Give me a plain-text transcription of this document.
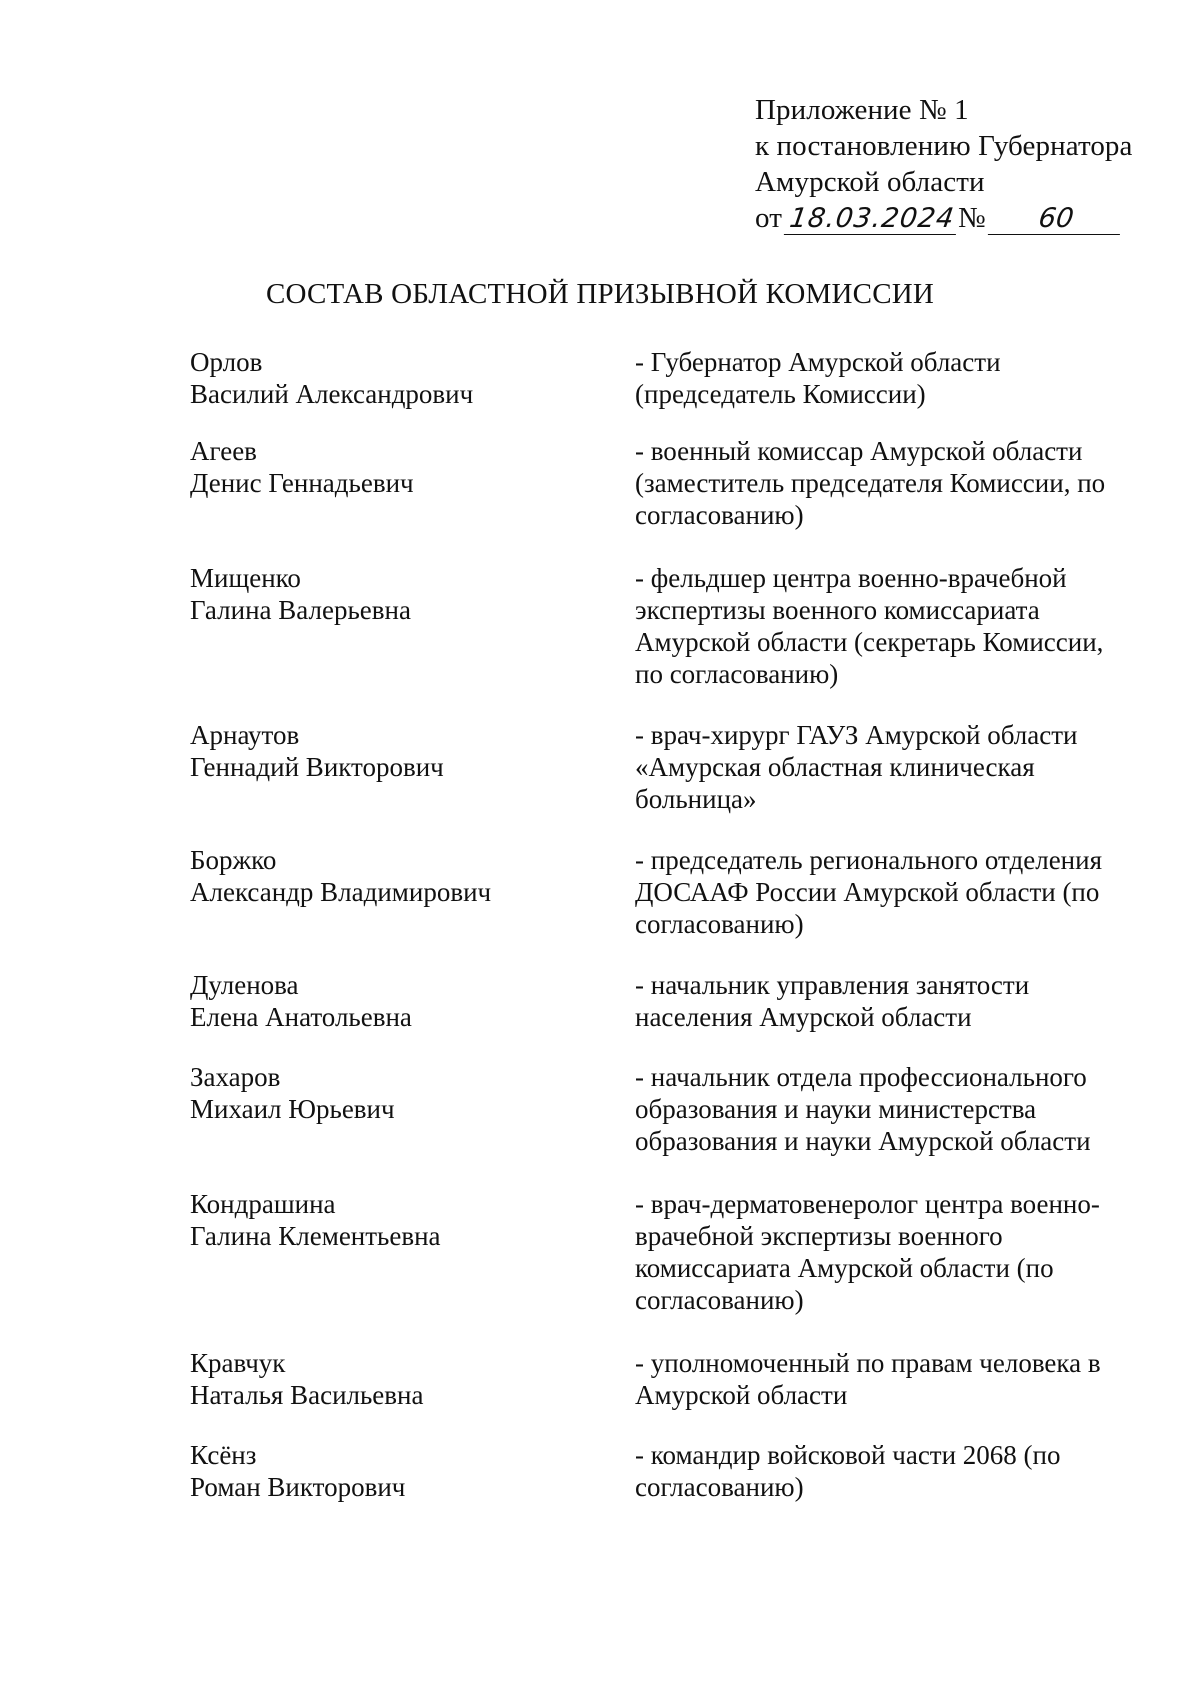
Приложение № 1
к постановлению Губернатора
Амурской области
от 18.03.2024 №	60
СОСТАВ ОБЛАСТНОЙ ПРИЗЫВНОЙ КОМИССИИ
Орлов
Василий Александрович
- Губернатор Амурской области
(председатель Комиссии)
Агеев
Денис Геннадьевич
- военный комиссар Амурской области
(заместитель председателя Комиссии, по
согласованию)
Мищенко
Галина Валерьевна
- фельдшер центра военно-врачебной
экспертизы военного комиссариата
Амурской области (секретарь Комиссии,
по согласованию)
Арнаутов
Геннадий Викторович
- врач-хирург ГАУЗ Амурской области
«Амурская областная клиническая
больница»
Боржко
Александр Владимирович
- председатель регионального отделения
ДОСААФ России Амурской области (по
согласованию)
Дуленова
Елена Анатольевна
- начальник управления занятости
населения Амурской области
Захаров
Михаил Юрьевич
- начальник отдела профессионального
образования и науки министерства
образования и науки Амурской области
Кондрашина
Галина Клементьевна
- врач-дерматовенеролог центра военно-
врачебной экспертизы военного
комиссариата Амурской области (по
согласованию)
Кравчук
Наталья Васильевна
- уполномоченный по правам человека в
Амурской области
Ксёнз
Роман Викторович
- командир войсковой части 2068 (по
согласованию)
